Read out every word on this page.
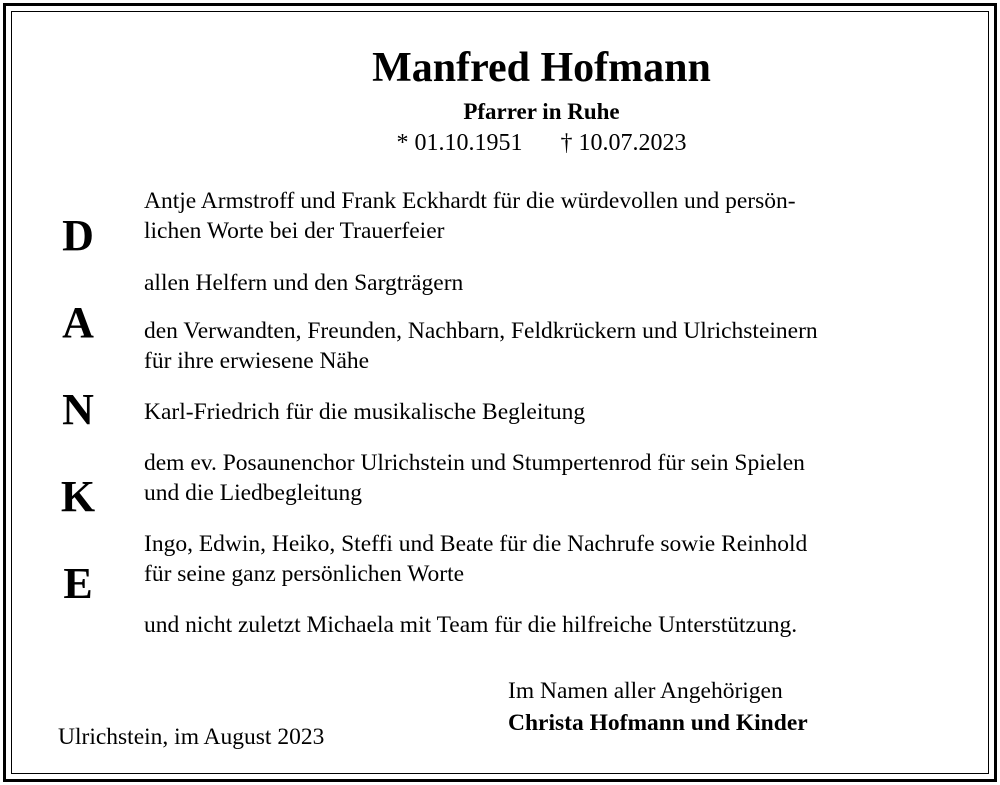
Manfred Hofmann
Pfarrer in Ruhe
* 01.10.1951 † 10.07.2023
D
A
N
K
E
Antje Armstroff und Frank Eckhardt für die würdevollen und persön-
lichen Worte bei der Trauerfeier
allen Helfern und den Sargträgern
den Verwandten, Freunden, Nachbarn, Feldkrückern und Ulrichsteinern
für ihre erwiesene Nähe
Karl-Friedrich für die musikalische Begleitung
dem ev. Posaunenchor Ulrichstein und Stumpertenrod für sein Spielen
und die Liedbegleitung
Ingo, Edwin, Heiko, Steffi und Beate für die Nachrufe sowie Reinhold
für seine ganz persönlichen Worte
und nicht zuletzt Michaela mit Team für die hilfreiche Unterstützung.
Im Namen aller Angehörigen
Christa Hofmann und Kinder
Ulrichstein, im August 2023
